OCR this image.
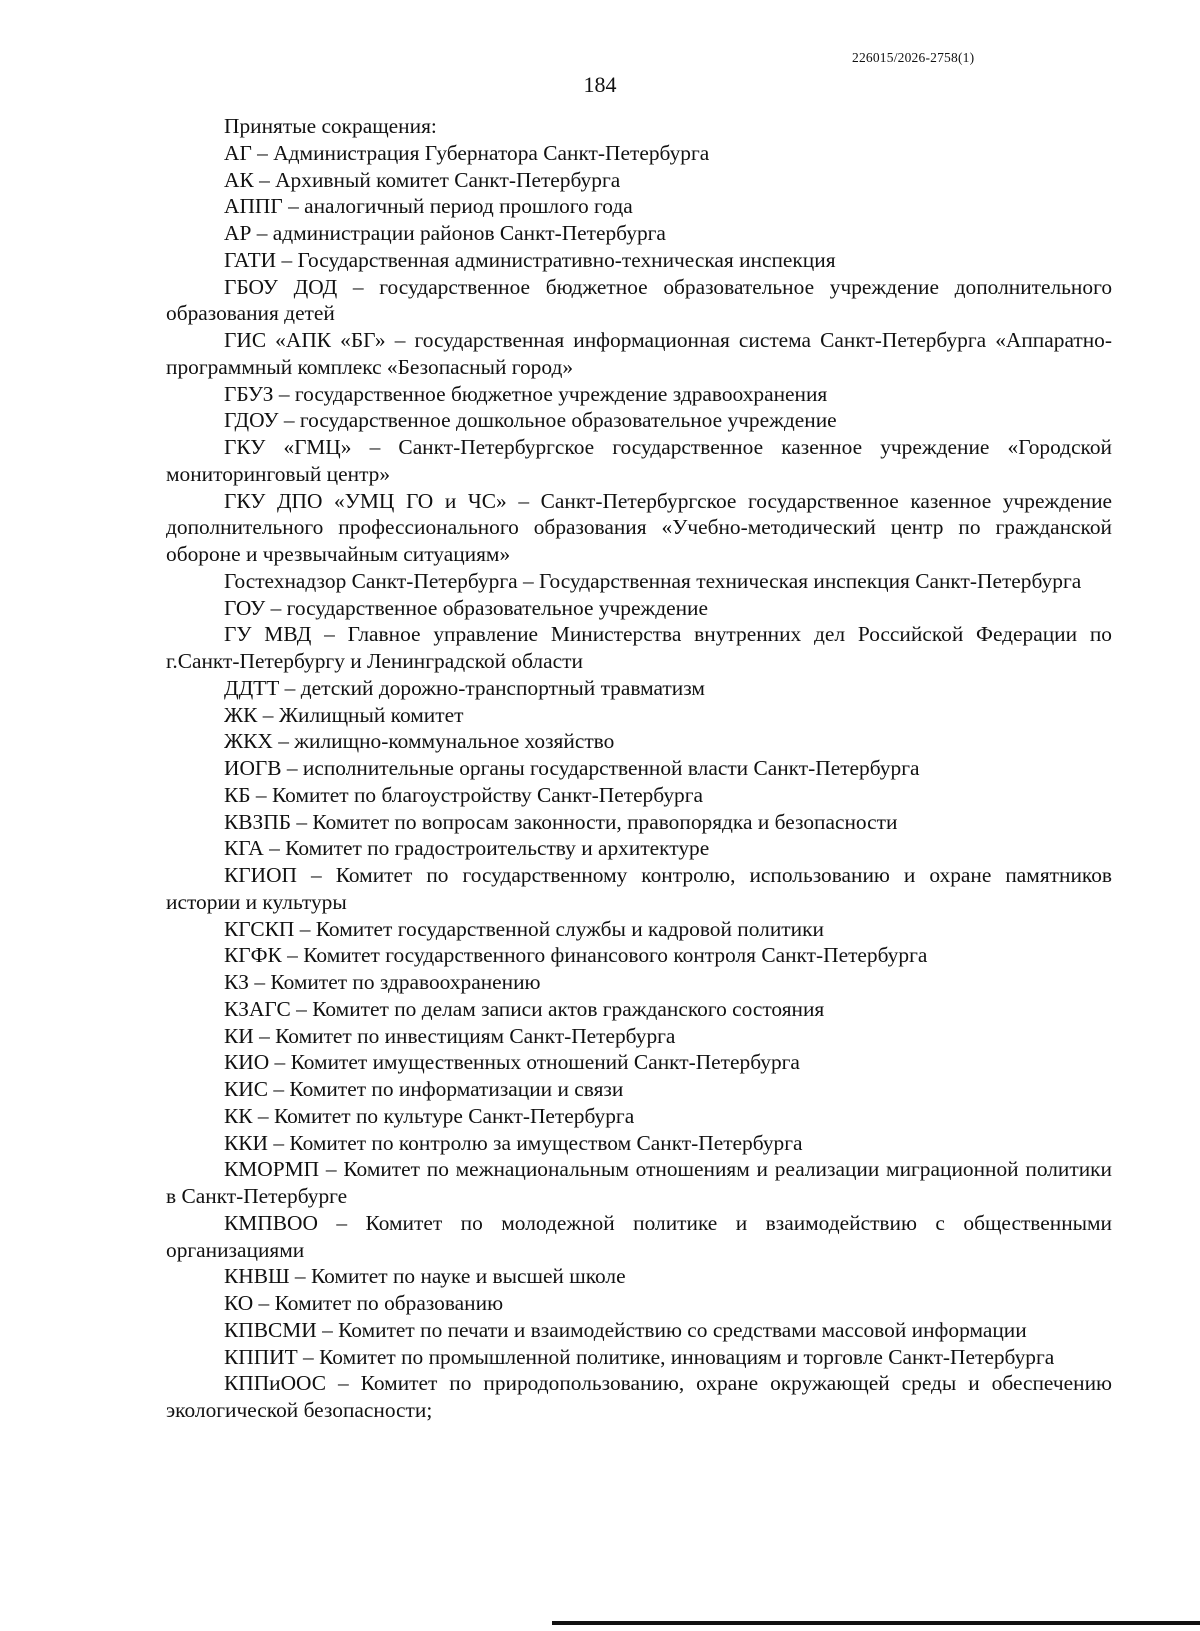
226015/2026-2758(1)
184

Принятые сокращения:

АГ – Администрация Губернатора Санкт-Петербурга

АК – Архивный комитет Санкт-Петербурга

АППГ – аналогичный период прошлого года

АР – администрации районов Санкт-Петербурга

ГАТИ – Государственная административно-техническая инспекция

ГБОУ ДОД – государственное бюджетное образовательное учреждение дополнительного образования детей

ГИС «АПК «БГ» – государственная информационная система Санкт-Петербурга «Аппаратно-программный комплекс «Безопасный город»

ГБУЗ – государственное бюджетное учреждение здравоохранения

ГДОУ – государственное дошкольное образовательное учреждение

ГКУ «ГМЦ» – Санкт-Петербургское государственное казенное учреждение «Городской мониторинговый центр»

ГКУ ДПО «УМЦ ГО и ЧС» – Санкт-Петербургское государственное казенное учреждение дополнительного профессионального образования «Учебно-методический центр по гражданской обороне и чрезвычайным ситуациям»

Гостехнадзор Санкт-Петербурга – Государственная техническая инспекция Санкт-Петербурга

ГОУ – государственное образовательное учреждение

ГУ МВД – Главное управление Министерства внутренних дел Российской Федерации по г.Санкт-Петербургу и Ленинградской области

ДДТТ – детский дорожно-транспортный травматизм

ЖК – Жилищный комитет

ЖКХ – жилищно-коммунальное хозяйство

ИОГВ – исполнительные органы государственной власти Санкт-Петербурга

КБ – Комитет по благоустройству Санкт-Петербурга

КВЗПБ – Комитет по вопросам законности, правопорядка и безопасности

КГА – Комитет по градостроительству и архитектуре

КГИОП – Комитет по государственному контролю, использованию и охране памятников истории и культуры

КГСКП – Комитет государственной службы и кадровой политики

КГФК – Комитет государственного финансового контроля Санкт-Петербурга

КЗ – Комитет по здравоохранению

КЗАГС – Комитет по делам записи актов гражданского состояния

КИ – Комитет по инвестициям Санкт-Петербурга

КИО – Комитет имущественных отношений Санкт-Петербурга

КИС – Комитет по информатизации и связи

КК – Комитет по культуре Санкт-Петербурга

ККИ – Комитет по контролю за имуществом Санкт-Петербурга

КМОРМП – Комитет по межнациональным отношениям и реализации миграционной политики в Санкт-Петербурге

КМПВОО – Комитет по молодежной политике и взаимодействию с общественными организациями

КНВШ – Комитет по науке и высшей школе

КО – Комитет по образованию

КПВСМИ – Комитет по печати и взаимодействию со средствами массовой информации

КППИТ – Комитет по промышленной политике, инновациям и торговле Санкт-Петербурга

КППиООС – Комитет по природопользованию, охране окружающей среды и обеспечению экологической безопасности;
